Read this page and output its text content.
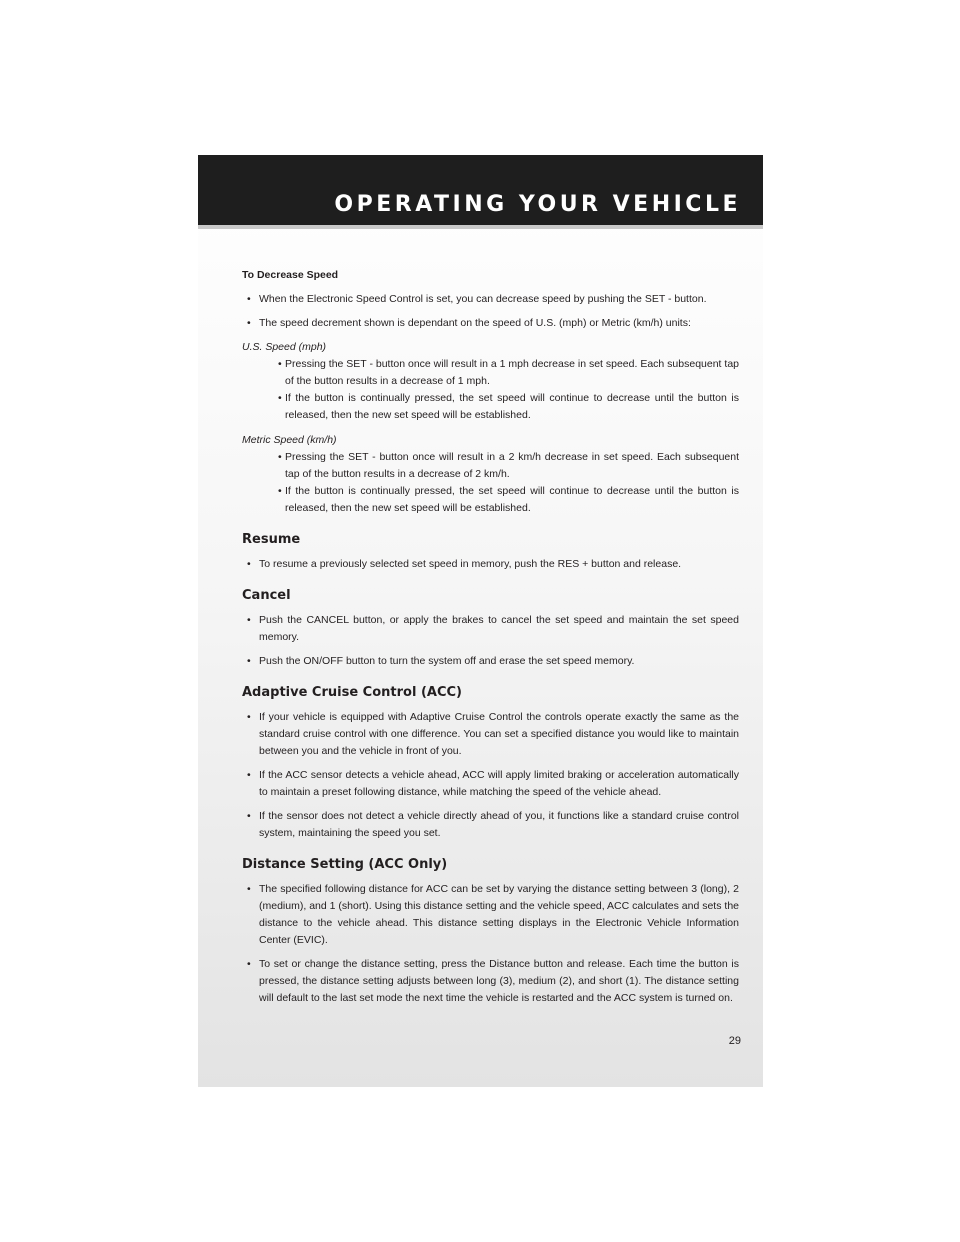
OPERATING YOUR VEHICLE

To Decrease Speed

• When the Electronic Speed Control is set, you can decrease speed by pushing the SET - button.

• The speed decrement shown is dependant on the speed of U.S. (mph) or Metric (km/h) units:

U.S. Speed (mph)

• Pressing the SET - button once will result in a 1 mph decrease in set speed. Each subsequent tap of the button results in a decrease of 1 mph.

• If the button is continually pressed, the set speed will continue to decrease until the button is released, then the new set speed will be established.

Metric Speed (km/h)

• Pressing the SET - button once will result in a 2 km/h decrease in set speed. Each subsequent tap of the button results in a decrease of 2 km/h.

• If the button is continually pressed, the set speed will continue to decrease until the button is released, then the new set speed will be established.

Resume

• To resume a previously selected set speed in memory, push the RES + button and release.

Cancel

• Push the CANCEL button, or apply the brakes to cancel the set speed and maintain the set speed memory.

• Push the ON/OFF button to turn the system off and erase the set speed memory.

Adaptive Cruise Control (ACC)

• If your vehicle is equipped with Adaptive Cruise Control the controls operate exactly the same as the standard cruise control with one difference. You can set a specified distance you would like to maintain between you and the vehicle in front of you.

• If the ACC sensor detects a vehicle ahead, ACC will apply limited braking or acceleration automatically to maintain a preset following distance, while matching the speed of the vehicle ahead.

• If the sensor does not detect a vehicle directly ahead of you, it functions like a standard cruise control system, maintaining the speed you set.

Distance Setting (ACC Only)

• The specified following distance for ACC can be set by varying the distance setting between 3 (long), 2 (medium), and 1 (short). Using this distance setting and the vehicle speed, ACC calculates and sets the distance to the vehicle ahead. This distance setting displays in the Electronic Vehicle Information Center (EVIC).

• To set or change the distance setting, press the Distance button and release. Each time the button is pressed, the distance setting adjusts between long (3), medium (2), and short (1). The distance setting will default to the last set mode the next time the vehicle is restarted and the ACC system is turned on.

29
